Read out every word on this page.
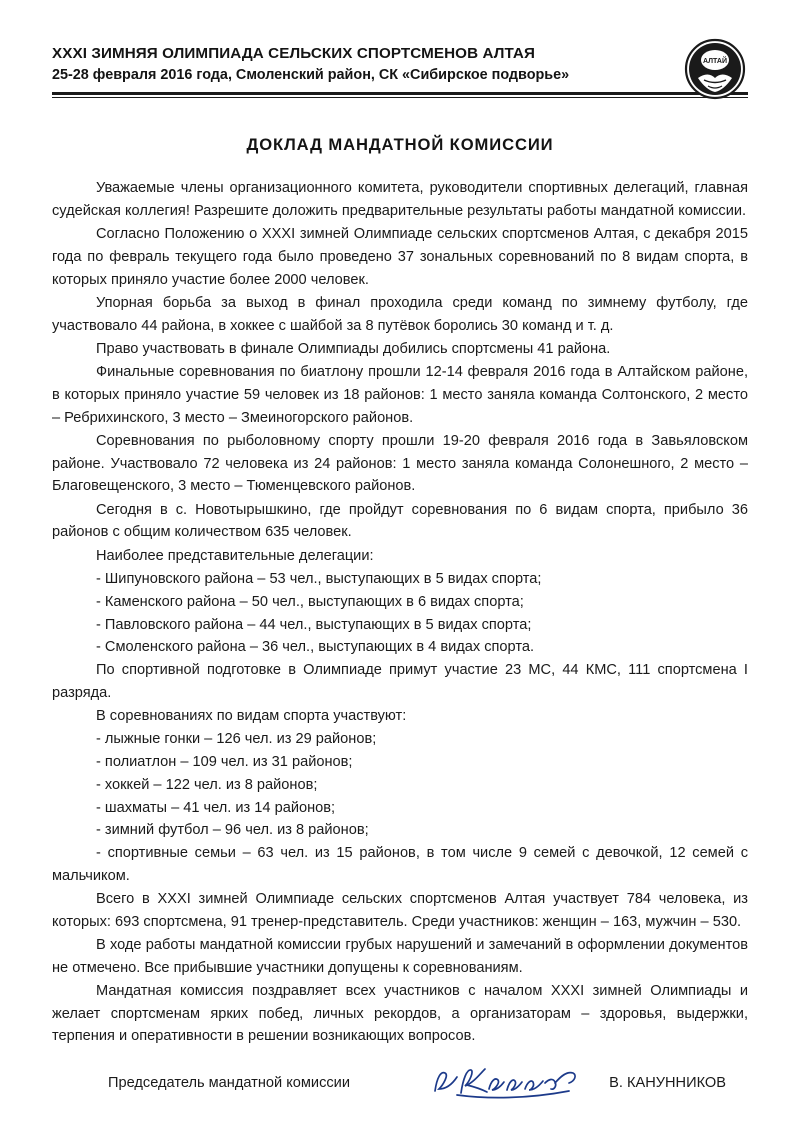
XXXI ЗИМНЯЯ ОЛИМПИАДА СЕЛЬСКИХ СПОРТСМЕНОВ АЛТАЯ
25-28 февраля 2016 года, Смоленский район, СК «Сибирское подворье»
АЛТАЙ
ДОКЛАД МАНДАТНОЙ КОМИССИИ

Уважаемые члены организационного комитета, руководители спортивных делегаций, главная судейская коллегия! Разрешите доложить предварительные результаты работы мандатной комиссии.

Согласно Положению о XXXI зимней Олимпиаде сельских спортсменов Алтая, с декабря 2015 года по февраль текущего года было проведено 37 зональных соревнований по 8 видам спорта, в которых приняло участие более 2000 человек.

Упорная борьба за выход в финал проходила среди команд по зимнему футболу, где участвовало 44 района, в хоккее с шайбой за 8 путёвок боролись 30 команд и т. д.

Право участвовать в финале Олимпиады добились спортсмены 41 района.

Финальные соревнования по биатлону прошли 12-14 февраля 2016 года в Алтайском районе, в которых приняло участие 59 человек из 18 районов: 1 место заняла команда Солтонского, 2 место – Ребрихинского, 3 место – Змеиногорского районов.

Соревнования по рыболовному спорту прошли 19-20 февраля 2016 года в Завьяловском районе. Участвовало 72 человека из 24 районов: 1 место заняла команда Солонешного, 2 место – Благовещенского, 3 место – Тюменцевского районов.

Сегодня в с. Новотырышкино, где пройдут соревнования по 6 видам спорта, прибыло 36 районов с общим количеством 635 человек.

Наиболее представительные делегации:

- Шипуновского района – 53 чел., выступающих в 5 видах спорта;

- Каменского района – 50 чел., выступающих в 6 видах спорта;

- Павловского района – 44 чел., выступающих в 5 видах спорта;

- Смоленского района – 36 чел., выступающих в 4 видах спорта.

По спортивной подготовке в Олимпиаде примут участие 23 МС, 44 КМС, 111 спортсмена I разряда.

В соревнованиях по видам спорта участвуют:

- лыжные гонки – 126 чел. из 29 районов;

- полиатлон – 109 чел. из 31 районов;

- хоккей – 122 чел. из 8 районов;

- шахматы – 41 чел. из 14 районов;

- зимний футбол – 96 чел. из 8 районов;

- спортивные семьи – 63 чел. из 15 районов, в том числе 9 семей с девочкой, 12 семей с мальчиком.

Всего в XXXI зимней Олимпиаде сельских спортсменов Алтая участвует 784 человека, из которых: 693 спортсмена, 91 тренер-представитель. Среди участников: женщин – 163, мужчин – 530.

В ходе работы мандатной комиссии грубых нарушений и замечаний в оформлении документов не отмечено. Все прибывшие участники допущены к соревнованиям.

Мандатная комиссия поздравляет всех участников с началом XXXI зимней Олимпиады и желает спортсменам ярких побед, личных рекордов, а организаторам – здоровья, выдержки, терпения и оперативности в решении возникающих вопросов.

Председатель мандатной комиссии	В. КАНУННИКОВ
